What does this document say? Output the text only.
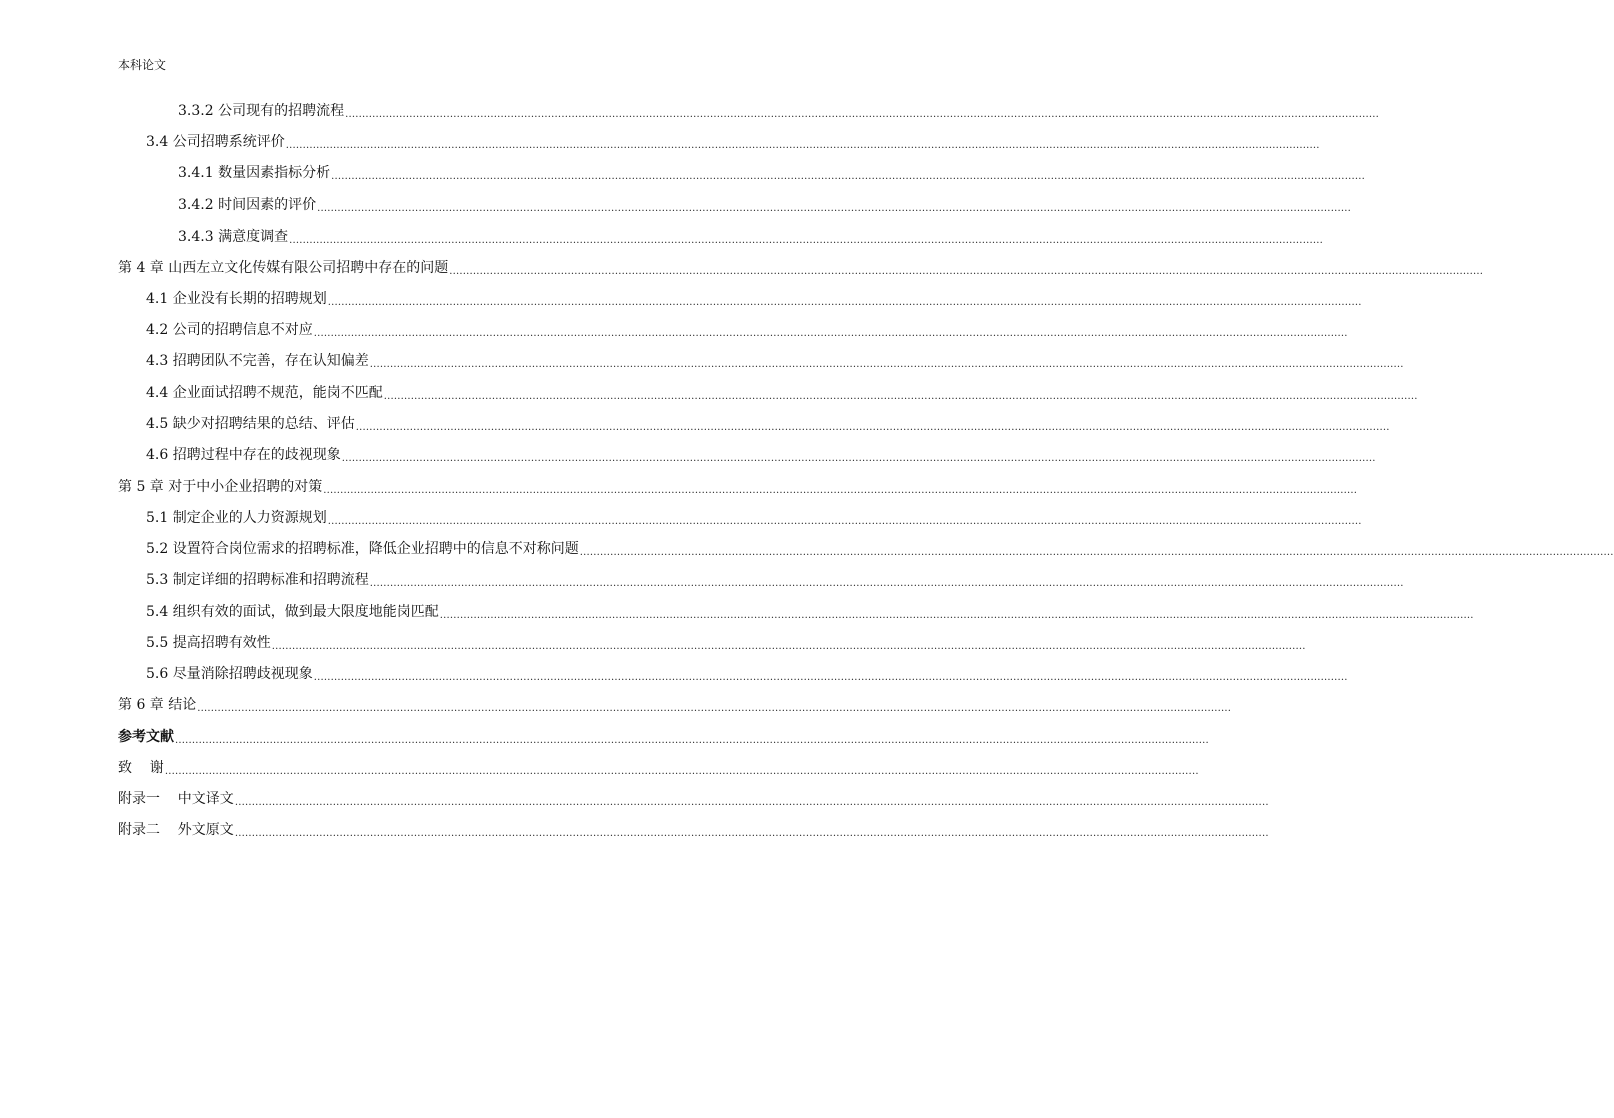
本科论文
3.3.2 公司现有的招聘流程 ..................................................................................................................................................................................................................................................................................................................
3.4 公司招聘系统评价 ..................................................................................................................................................................................................................................................................................................................
3.4.1 数量因素指标分析 ..................................................................................................................................................................................................................................................................................................................
3.4.2 时间因素的评价 ..................................................................................................................................................................................................................................................................................................................
3.4.3 满意度调查 ..................................................................................................................................................................................................................................................................................................................
第 4 章 山西左立文化传媒有限公司招聘中存在的问题 ..................................................................................................................................................................................................................................................................................................................
4.1 企业没有长期的招聘规划 ..................................................................................................................................................................................................................................................................................................................
4.2 公司的招聘信息不对应 ..................................................................................................................................................................................................................................................................................................................
4.3 招聘团队不完善，存在认知偏差 ..................................................................................................................................................................................................................................................................................................................
4.4 企业面试招聘不规范，能岗不匹配 ..................................................................................................................................................................................................................................................................................................................
4.5 缺少对招聘结果的总结、评估 ..................................................................................................................................................................................................................................................................................................................
4.6 招聘过程中存在的歧视现象 ..................................................................................................................................................................................................................................................................................................................
第 5 章 对于中小企业招聘的对策 ..................................................................................................................................................................................................................................................................................................................
5.1 制定企业的人力资源规划 ..................................................................................................................................................................................................................................................................................................................
5.2 设置符合岗位需求的招聘标准，降低企业招聘中的信息不对称问题 ..................................................................................................................................................................................................................................................................................................................
5.3 制定详细的招聘标准和招聘流程 ..................................................................................................................................................................................................................................................................................................................
5.4 组织有效的面试，做到最大限度地能岗匹配 ..................................................................................................................................................................................................................................................................................................................
5.5 提高招聘有效性 ..................................................................................................................................................................................................................................................................................................................
5.6 尽量消除招聘歧视现象 ..................................................................................................................................................................................................................................................................................................................
第 6 章 结论 ..................................................................................................................................................................................................................................................................................................................
参考文献 ..................................................................................................................................................................................................................................................................................................................
致    谢 ..................................................................................................................................................................................................................................................................................................................
附录一    中文译文 ..................................................................................................................................................................................................................................................................................................................
附录二    外文原文 ..................................................................................................................................................................................................................................................................................................................
